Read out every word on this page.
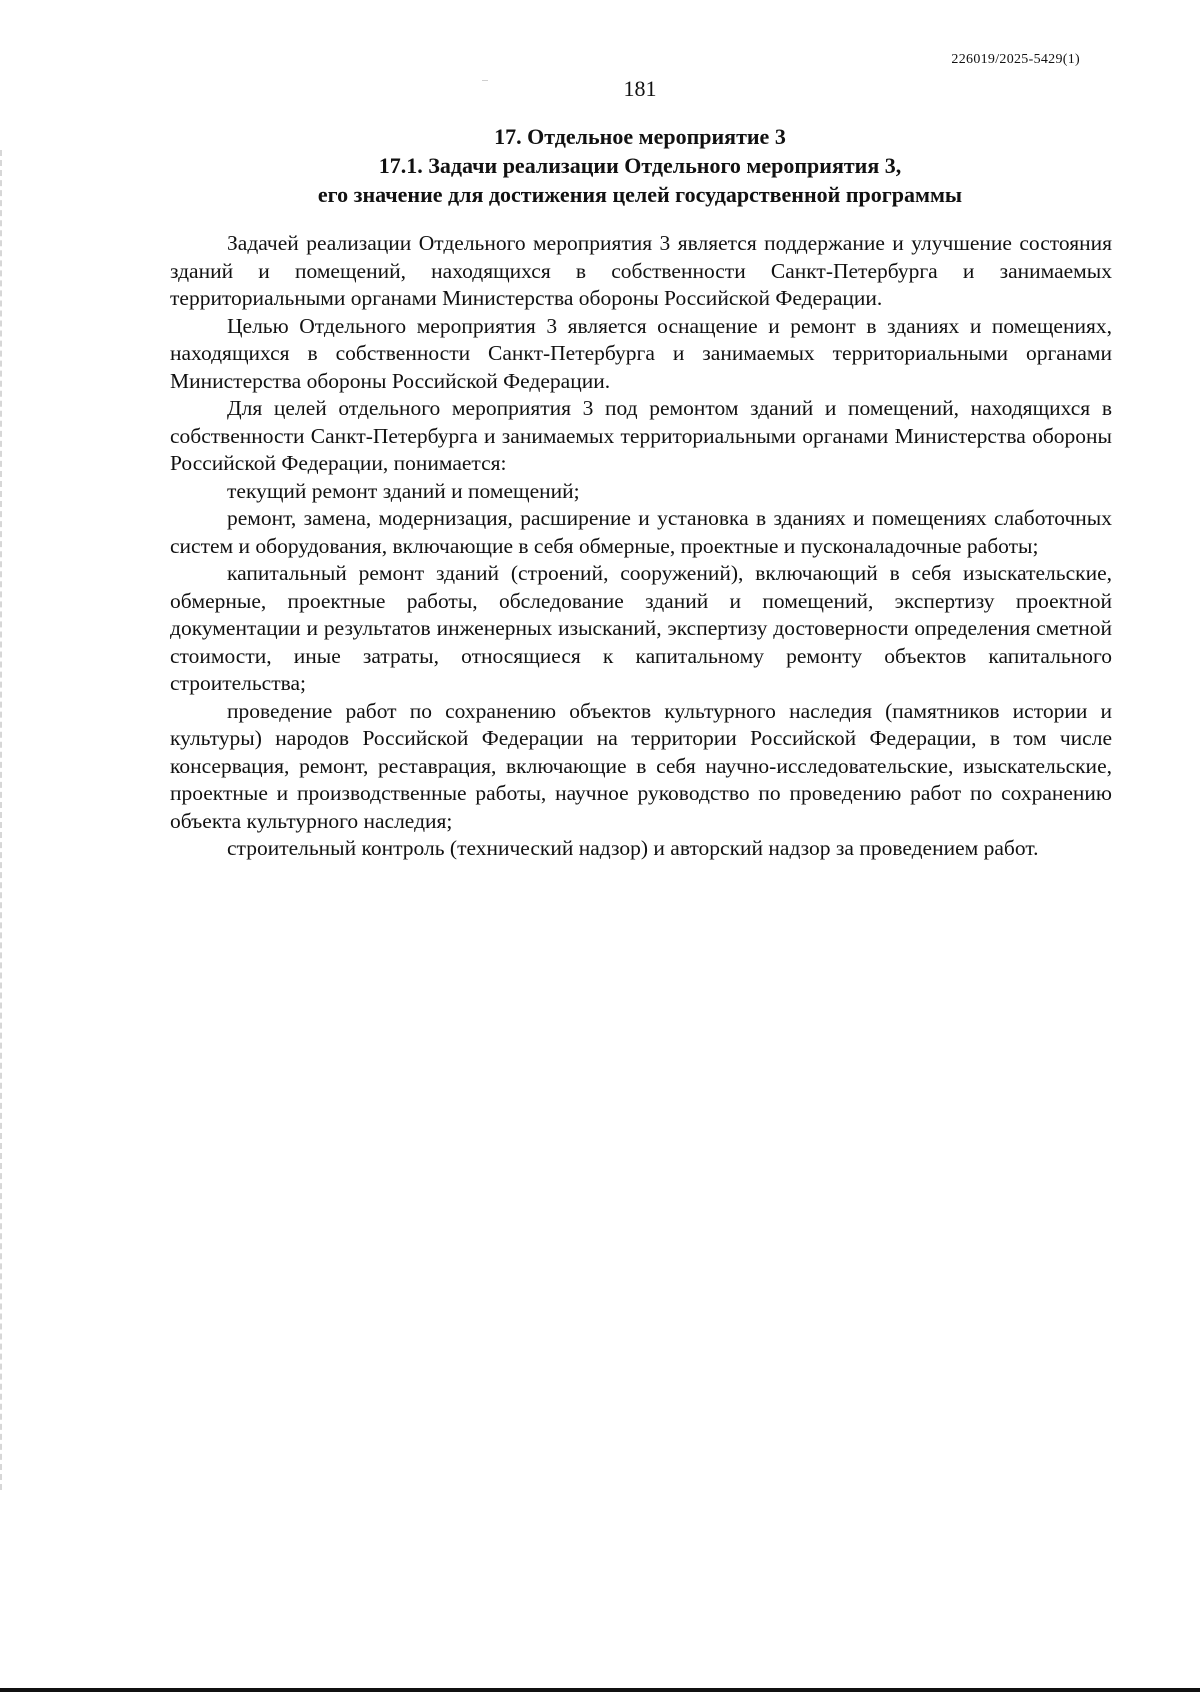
226019/2025-5429(1)
181
17. Отдельное мероприятие 3
17.1. Задачи реализации Отдельного мероприятия 3,
его значение для достижения целей государственной программы

Задачей реализации Отдельного мероприятия 3 является поддержание и улучшение состояния зданий и помещений, находящихся в собственности Санкт-Петербурга и занимаемых территориальными органами Министерства обороны Российской Федерации.

Целью Отдельного мероприятия 3 является оснащение и ремонт в зданиях и помещениях, находящихся в собственности Санкт-Петербурга и занимаемых территориальными органами Министерства обороны Российской Федерации.

Для целей отдельного мероприятия 3 под ремонтом зданий и помещений, находящихся в собственности Санкт-Петербурга и занимаемых территориальными органами Министерства обороны Российской Федерации, понимается:

текущий ремонт зданий и помещений;

ремонт, замена, модернизация, расширение и установка в зданиях и помещениях слаботочных систем и оборудования, включающие в себя обмерные, проектные и пусконаладочные работы;

капитальный ремонт зданий (строений, сооружений), включающий в себя изыскательские, обмерные, проектные работы, обследование зданий и помещений, экспертизу проектной документации и результатов инженерных изысканий, экспертизу достоверности определения сметной стоимости, иные затраты, относящиеся к капитальному ремонту объектов капитального строительства;

проведение работ по сохранению объектов культурного наследия (памятников истории и культуры) народов Российской Федерации на территории Российской Федерации, в том числе консервация, ремонт, реставрация, включающие в себя научно-исследовательские, изыскательские, проектные и производственные работы, научное руководство по проведению работ по сохранению объекта культурного наследия;

строительный контроль (технический надзор) и авторский надзор за проведением работ.
